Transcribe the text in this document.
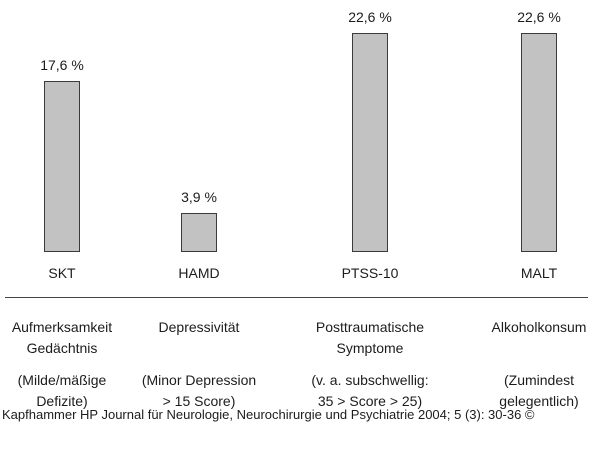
17,6 %
3,9 %
22,6 %	22,6 %
SKT	HAMD	PTSS-10	MALT
Aufmerksamkeit
Gedächtnis
Depressivität	Posttraumatische
Symptome
Alkoholkonsum
(Milde/mäßige
Defizite)
(Minor Depression
> 15 Score)
(v. a. subschwellig:
35 > Score > 25)
(Zumindest
gelegentlich)
Kapfhammer HP Journal für Neurologie, Neurochirurgie und Psychiatrie 2004; 5 (3): 30-36 ©
